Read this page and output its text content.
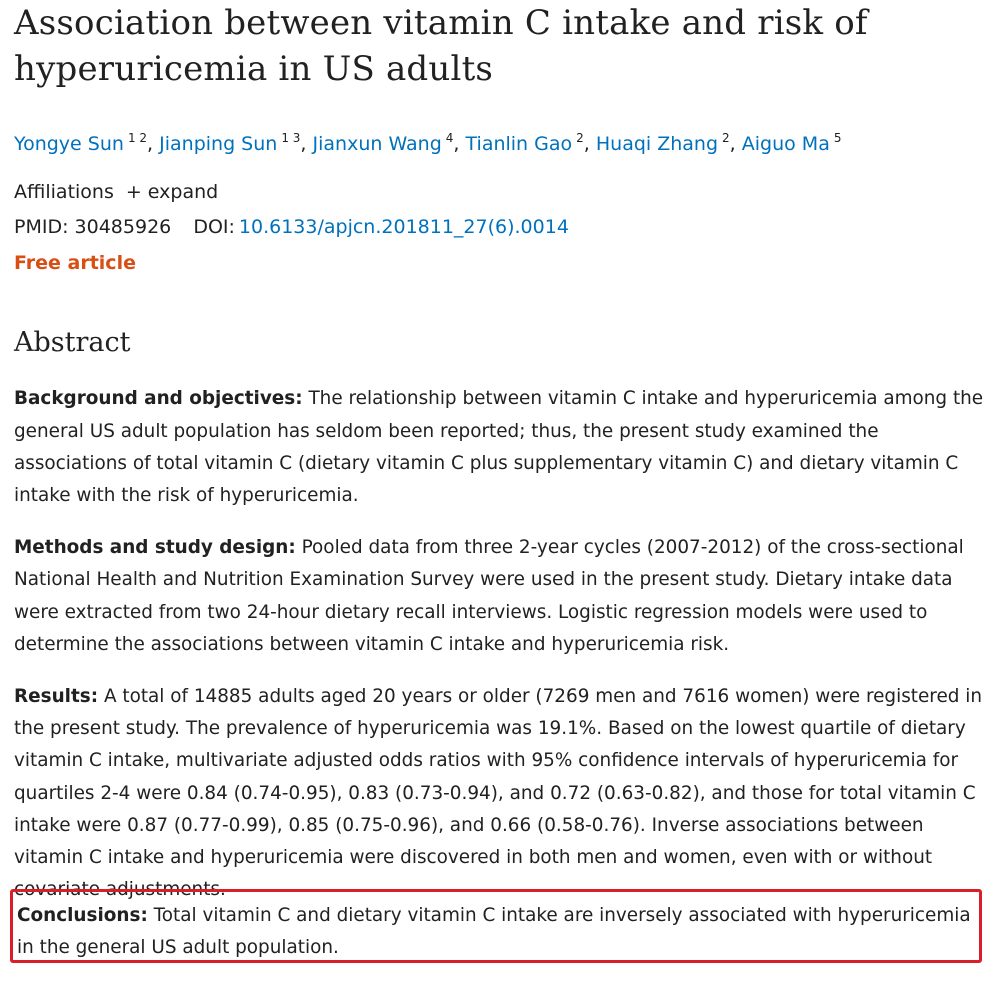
Association between vitamin C intake and risk of hyperuricemia in US adults
Yongye Sun $^{1 2}$, Jianping Sun $^{1 3}$, Jianxun Wang $^4$, Tianlin Gao $^2$, Huaqi Zhang $^2$, Aiguo Ma $^5$
Affiliations + expand
PMID: 30485926 DOI: 10.6133/apjcn.201811_27(6).0014
Free article
Abstract

Background and objectives: The relationship between vitamin C intake and hyperuricemia among the general US adult population has seldom been reported; thus, the present study examined the associations of total vitamin C (dietary vitamin C plus supplementary vitamin C) and dietary vitamin C intake with the risk of hyperuricemia.

Methods and study design: Pooled data from three 2-year cycles (2007-2012) of the cross-sectional National Health and Nutrition Examination Survey were used in the present study. Dietary intake data were extracted from two 24-hour dietary recall interviews. Logistic regression models were used to determine the associations between vitamin C intake and hyperuricemia risk.

Results: A total of 14885 adults aged 20 years or older (7269 men and 7616 women) were registered in the present study. The prevalence of hyperuricemia was 19.1%. Based on the lowest quartile of dietary vitamin C intake, multivariate adjusted odds ratios with 95% confidence intervals of hyperuricemia for quartiles 2-4 were 0.84 (0.74-0.95), 0.83 (0.73-0.94), and 0.72 (0.63-0.82), and those for total vitamin C intake were 0.87 (0.77-0.99), 0.85 (0.75-0.96), and 0.66 (0.58-0.76). Inverse associations between vitamin C intake and hyperuricemia were discovered in both men and women, even with or without covariate adjustments.

Conclusions: Total vitamin C and dietary vitamin C intake are inversely associated with hyperuricemia in the general US adult population.
